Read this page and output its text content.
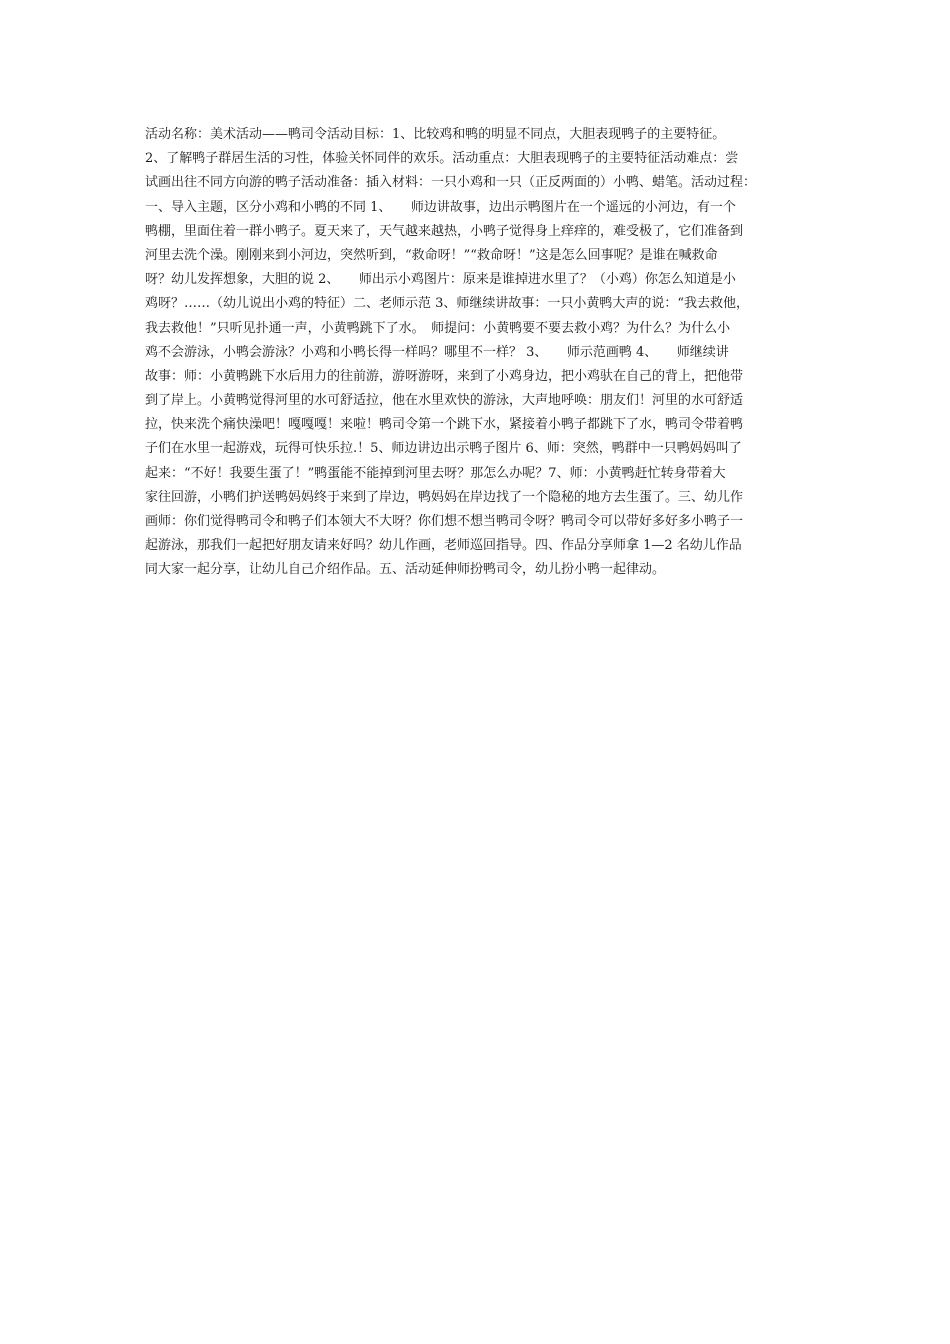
活动名称：美术活动——鸭司令活动目标：1、比较鸡和鸭的明显不同点，大胆表现鸭子的主要特征。
2、了解鸭子群居生活的习性，体验关怀同伴的欢乐。活动重点：大胆表现鸭子的主要特征活动难点：尝
试画出往不同方向游的鸭子活动准备：插入材料：一只小鸡和一只（正反两面的）小鸭、蜡笔。活动过程：
一、导入主题，区分小鸡和小鸭的不同 1、　　师边讲故事，边出示鸭图片在一个遥远的小河边，有一个
鸭棚，里面住着一群小鸭子。夏天来了，天气越来越热，小鸭子觉得身上痒痒的，难受极了，它们准备到
河里去洗个澡。刚刚来到小河边，突然听到，“救命呀！”“救命呀！”这是怎么回事呢？是谁在喊救命
呀？幼儿发挥想象，大胆的说 2、　　师出示小鸡图片：原来是谁掉进水里了？（小鸡）你怎么知道是小
鸡呀？……（幼儿说出小鸡的特征）二、老师示范 3、师继续讲故事：一只小黄鸭大声的说：“我去救他，
我去救他！”只听见扑通一声，小黄鸭跳下了水。　师提问：小黄鸭要不要去救小鸡？为什么？为什么小
鸡不会游泳，小鸭会游泳？小鸡和小鸭长得一样吗？哪里不一样？ 3、　　师示范画鸭 4、　　师继续讲
故事：师：小黄鸭跳下水后用力的往前游，游呀游呀，来到了小鸡身边，把小鸡驮在自己的背上，把他带
到了岸上。小黄鸭觉得河里的水可舒适拉，他在水里欢快的游泳，大声地呼唤：朋友们！河里的水可舒适
拉，快来洗个痛快澡吧！嘎嘎嘎！来啦！鸭司令第一个跳下水，紧接着小鸭子都跳下了水，鸭司令带着鸭
子们在水里一起游戏，玩得可快乐拉.！5、师边讲边出示鸭子图片 6、师：突然，鸭群中一只鸭妈妈叫了
起来：“不好！我要生蛋了！”鸭蛋能不能掉到河里去呀？那怎么办呢？7、师：小黄鸭赶忙转身带着大
家往回游，小鸭们护送鸭妈妈终于来到了岸边，鸭妈妈在岸边找了一个隐秘的地方去生蛋了。三、幼儿作
画师：你们觉得鸭司令和鸭子们本领大不大呀？你们想不想当鸭司令呀？鸭司令可以带好多好多小鸭子一
起游泳，那我们一起把好朋友请来好吗？幼儿作画，老师巡回指导。四、作品分享师拿 1—2 名幼儿作品
同大家一起分享，让幼儿自己介绍作品。五、活动延伸师扮鸭司令，幼儿扮小鸭一起律动。
